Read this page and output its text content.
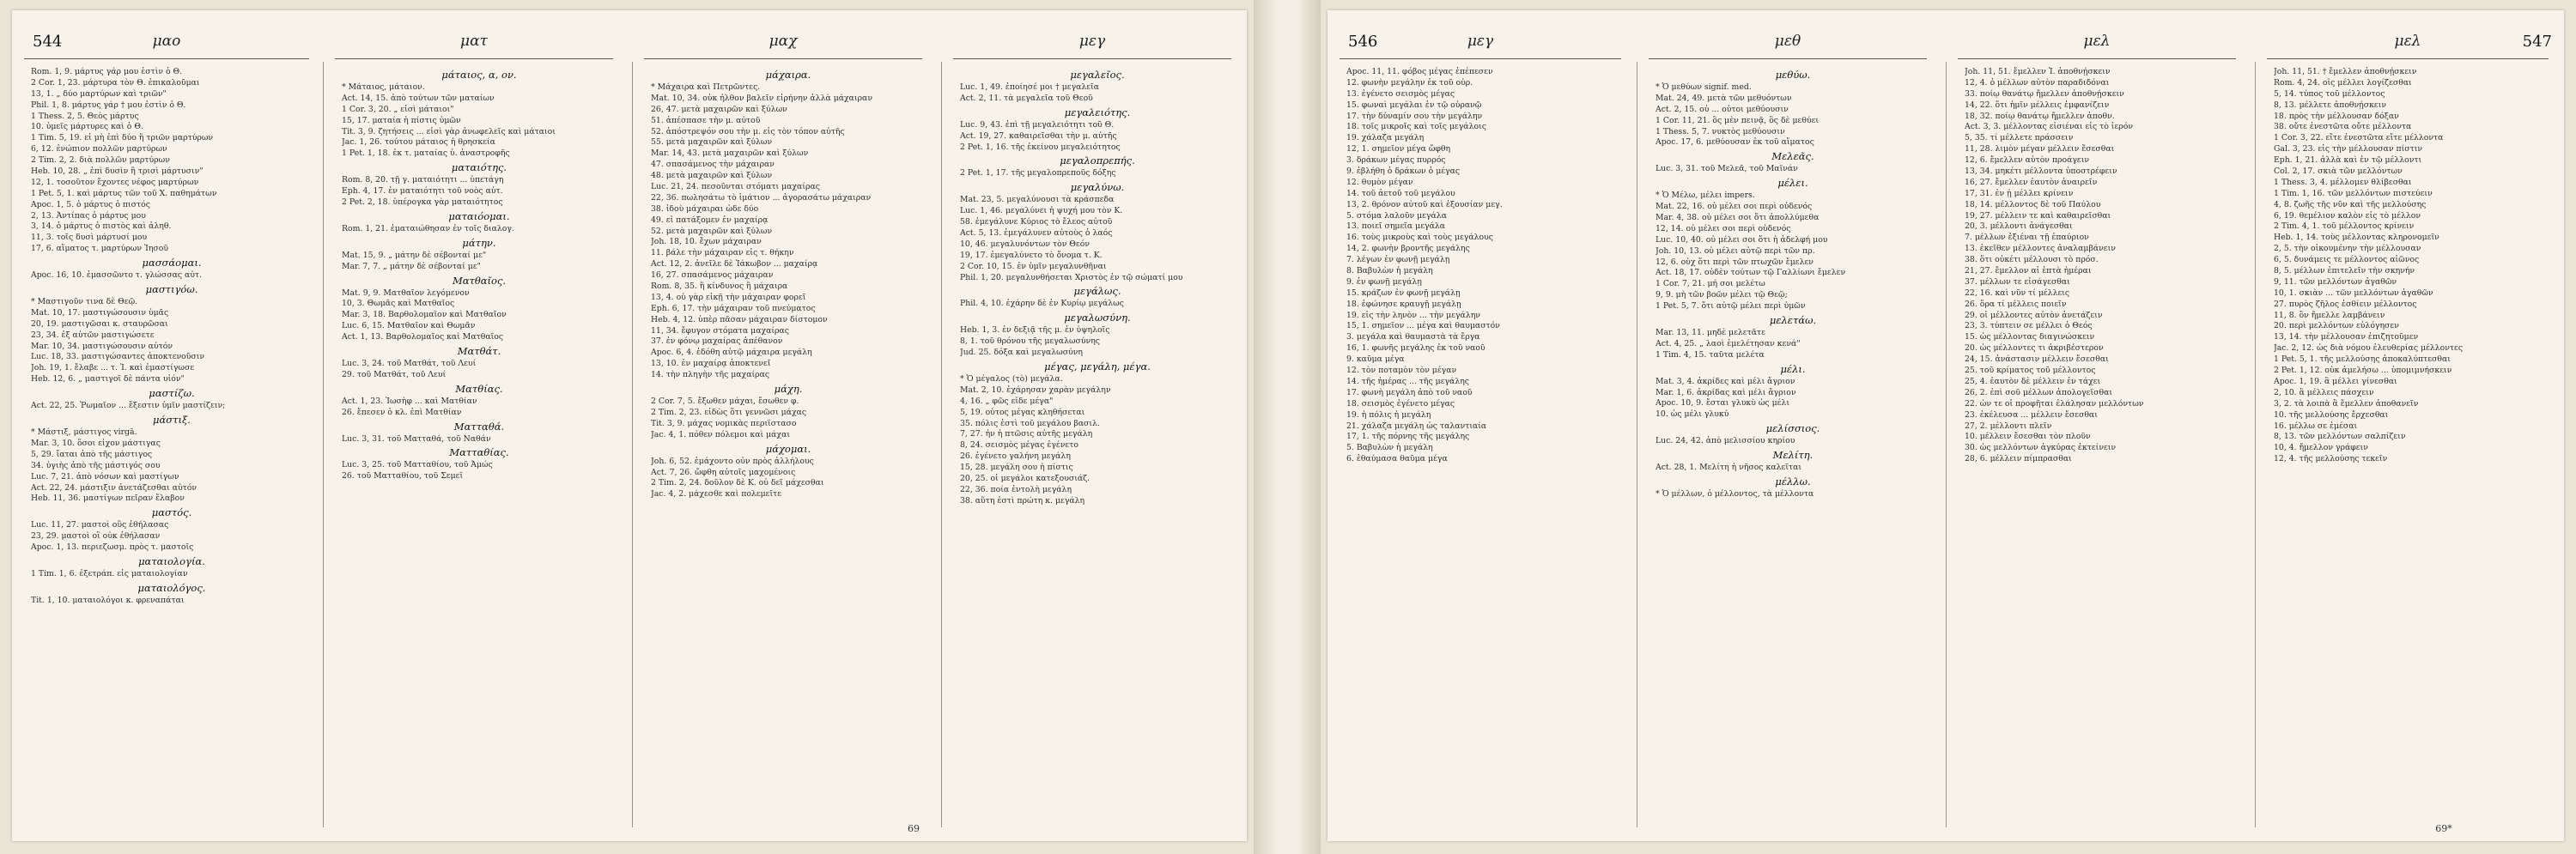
544	μαο
Rom. 1, 9. μάρτυς γάρ μου ἐστὶν ὁ Θ.
2 Cor. 1, 23. μάρτυρα τὸν Θ. ἐπικαλοῦμαι
13, 1. „ δύο μαρτύρων καὶ τριῶν"
Phil. 1, 8. μάρτυς γάρ † μου ἐστὶν ὁ Θ.
1 Thess. 2, 5. Θεὸς μάρτυς
10. ὑμεῖς μάρτυρες καὶ ὁ Θ.
1 Tim. 5, 19. εἰ μὴ ἐπὶ δύο ἢ τριῶν μαρτύρων
6, 12. ἐνώπιον πολλῶν μαρτύρων
2 Tim. 2, 2. διὰ πολλῶν μαρτύρων
Heb. 10, 28. „ ἐπὶ δυσὶν ἢ τρισὶ μάρτυσιν"
12, 1. τοσοῦτον ἔχοντες νέφος μαρτύρων
1 Pet. 5, 1. καὶ μάρτυς τῶν τοῦ Χ. παθημάτων
Apoc. 1, 5. ὁ μάρτυς ὁ πιστός
2, 13. Ἀντίπας ὁ μάρτυς μου
3, 14. ὁ μάρτυς ὁ πιστὸς καὶ ἀληθ.
11, 3. τοῖς δυσὶ μάρτυσί μου
17, 6. αἵματος τ. μαρτύρων Ἰησοῦ
μασσάομαι.
Apoc. 16, 10. ἐμασσῶντο τ. γλώσσας αὐτ.
μαστιγόω.
* Μαστιγοῦν τινα δὲ Θεῷ.
Mat. 10, 17. μαστιγώσουσιν ὑμᾶς
20, 19. μαστιγῶσαι κ. σταυρῶσαι
23, 34. ἐξ αὐτῶν μαστιγώσετε
Mar. 10, 34. μαστιγώσουσιν αὐτόν
Luc. 18, 33. μαστιγώσαντες ἀποκτενοῦσιν
Joh. 19, 1. ἔλαβε ... τ. Ἰ. καὶ ἐμαστίγωσε
Heb. 12, 6. „ μαστιγοῖ δὲ πάντα υἱόν"
μαστίζω.
Act. 22, 25. Ῥωμαῖον ... ἔξεστιν ὑμῖν μαστίζειν;
μάστιξ.
* Μάστιξ, μάστιγος virgā.
Mar. 3, 10. ὅσοι εἶχον μάστιγας
5, 29. ἴαται ἀπὸ τῆς μάστιγος
34. ὑγιὴς ἀπὸ τῆς μάστιγός σου
Luc. 7, 21. ἀπὸ νόσων καὶ μαστίγων
Act. 22, 24. μάστιξιν ἀνετάζεσθαι αὐτόν
Heb. 11, 36. μαστίγων πεῖραν ἔλαβον
μαστός.
Luc. 11, 27. μαστοὶ οὓς ἐθήλασας
23, 29. μαστοὶ οἳ οὐκ ἐθήλασαν
Apoc. 1, 13. περιεζωσμ. πρὸς τ. μαστοῖς
ματαιολογία.
1 Tim. 1, 6. ἐξετράπ. εἰς ματαιολογίαν
ματαιολόγος.
Tit. 1, 10. ματαιολόγοι κ. φρεναπάται
ματ
μάταιος, α, ον.
* Μάταιος, μάταιον.
Act. 14, 15. ἀπὸ τούτων τῶν ματαίων
1 Cor. 3, 20. „ εἰσὶ μάταιοι"
15, 17. ματαία ἡ πίστις ὑμῶν
Tit. 3, 9. ζητήσεις ... εἰσὶ γὰρ ἀνωφελεῖς καὶ μάταιοι
Jac. 1, 26. τούτου μάταιος ἡ θρησκεία
1 Pet. 1, 18. ἐκ τ. ματαίας ὑ. ἀναστροφῆς
ματαιότης.
Rom. 8, 20. τῇ γ. ματαιότητι ... ὑπετάγη
Eph. 4, 17. ἐν ματαιότητι τοῦ νοὸς αὐτ.
2 Pet. 2, 18. ὑπέρογκα γὰρ ματαιότητος
ματαιόομαι.
Rom. 1, 21. ἐματαιώθησαν ἐν τοῖς διαλογ.
μάτην.
Mat. 15, 9. „ μάτην δὲ σέβονταί με"
Mar. 7, 7. „ μάτην δὲ σέβονταί με"
Ματθαῖος.
Mat. 9, 9. Ματθαῖον λεγόμενον
10, 3. Θωμᾶς καὶ Ματθαῖος
Mar. 3, 18. Βαρθολομαῖον καὶ Ματθαῖον
Luc. 6, 15. Ματθαῖον καὶ Θωμᾶν
Act. 1, 13. Βαρθολομαῖος καὶ Ματθαῖος
Ματθάτ.
Luc. 3, 24. τοῦ Ματθάτ, τοῦ Λευί
29. τοῦ Ματθάτ, τοῦ Λευί
Ματθίας.
Act. 1, 23. Ἰωσὴφ ... καὶ Ματθίαν
26. ἔπεσεν ὁ κλ. ἐπὶ Ματθίαν
Ματταθά.
Luc. 3, 31. τοῦ Ματταθά, τοῦ Ναθάν
Ματταθίας.
Luc. 3, 25. τοῦ Ματταθίου, τοῦ Ἀμώς
26. τοῦ Ματταθίου, τοῦ Σεμεΐ
μαχ
μάχαιρα.
* Μάχαιρα καὶ Πετρῶντες.
Mat. 10, 34. οὐκ ἦλθον βαλεῖν εἰρήνην ἀλλὰ μάχαιραν
26, 47. μετὰ μαχαιρῶν καὶ ξύλων
51. ἀπέσπασε τὴν μ. αὐτοῦ
52. ἀπόστρεψόν σου τὴν μ. εἰς τὸν τόπον αὐτῆς
55. μετὰ μαχαιρῶν καὶ ξύλων
Mar. 14, 43. μετὰ μαχαιρῶν καὶ ξύλων
47. σπασάμενος τὴν μάχαιραν
48. μετὰ μαχαιρῶν καὶ ξύλων
Luc. 21, 24. πεσοῦνται στόματι μαχαίρας
22, 36. πωλησάτω τὸ ἱμάτιον ... ἀγορασάτω μάχαιραν
38. ἰδοὺ μάχαιραι ὧδε δύο
49. εἰ πατάξομεν ἐν μαχαίρᾳ
52. μετὰ μαχαιρῶν καὶ ξύλων
Joh. 18, 10. ἔχων μάχαιραν
11. βάλε τὴν μάχαιραν εἰς τ. θήκην
Act. 12, 2. ἀνεῖλε δὲ Ἰάκωβον ... μαχαίρᾳ
16, 27. σπασάμενος μάχαιραν
Rom. 8, 35. ἢ κίνδυνος ἢ μάχαιρα
13, 4. οὐ γὰρ εἰκῇ τὴν μάχαιραν φορεῖ
Eph. 6, 17. τὴν μάχαιραν τοῦ πνεύματος
Heb. 4, 12. ὑπὲρ πᾶσαν μάχαιραν δίστομον
11, 34. ἔφυγον στόματα μαχαίρας
37. ἐν φόνῳ μαχαίρας ἀπέθανον
Apoc. 6, 4. ἐδόθη αὐτῷ μάχαιρα μεγάλη
13, 10. ἐν μαχαίρᾳ ἀποκτενεῖ
14. τὴν πληγὴν τῆς μαχαίρας
μάχη.
2 Cor. 7, 5. ἔξωθεν μάχαι, ἔσωθεν φ.
2 Tim. 2, 23. εἰδὼς ὅτι γεννῶσι μάχας
Tit. 3, 9. μάχας νομικὰς περιΐστασο
Jac. 4, 1. πόθεν πόλεμοι καὶ μάχαι
μάχομαι.
Joh. 6, 52. ἐμάχοντο οὖν πρὸς ἀλλήλους
Act. 7, 26. ὤφθη αὐτοῖς μαχομένοις
2 Tim. 2, 24. δοῦλον δὲ Κ. οὐ δεῖ μάχεσθαι
Jac. 4, 2. μάχεσθε καὶ πολεμεῖτε
μεγ
μεγαλεῖος.
Luc. 1, 49. ἐποίησέ μοι † μεγαλεῖα
Act. 2, 11. τὰ μεγαλεῖα τοῦ Θεοῦ
μεγαλειότης.
Luc. 9, 43. ἐπὶ τῇ μεγαλειότητι τοῦ Θ.
Act. 19, 27. καθαιρεῖσθαι τὴν μ. αὐτῆς
2 Pet. 1, 16. τῆς ἐκείνου μεγαλειότητος
μεγαλοπρεπής.
2 Pet. 1, 17. τῆς μεγαλοπρεποῦς δόξης
μεγαλύνω.
Mat. 23, 5. μεγαλύνουσι τὰ κράσπεδα
Luc. 1, 46. μεγαλύνει ἡ ψυχή μου τὸν Κ.
58. ἐμεγάλυνε Κύριος τὸ ἔλεος αὐτοῦ
Act. 5, 13. ἐμεγάλυνεν αὐτοὺς ὁ λαός
10, 46. μεγαλυνόντων τὸν Θεόν
19, 17. ἐμεγαλύνετο τὸ ὄνομα τ. Κ.
2 Cor. 10, 15. ἐν ὑμῖν μεγαλυνθῆναι
Phil. 1, 20. μεγαλυνθήσεται Χριστὸς ἐν τῷ σώματί μου
μεγάλως.
Phil. 4, 10. ἐχάρην δὲ ἐν Κυρίῳ μεγάλως
μεγαλωσύνη.
Heb. 1, 3. ἐν δεξιᾷ τῆς μ. ἐν ὑψηλοῖς
8, 1. τοῦ θρόνου τῆς μεγαλωσύνης
Jud. 25. δόξα καὶ μεγαλωσύνη
μέγας, μεγάλη, μέγα.
* Ὁ μέγαλος (τὸ) μεγάλα.
Mat. 2, 10. ἐχάρησαν χαρὰν μεγάλην
4, 16. „ φῶς εἶδε μέγα"
5, 19. οὗτος μέγας κληθήσεται
35. πόλις ἐστὶ τοῦ μεγάλου βασιλ.
7, 27. ἦν ἡ πτῶσις αὐτῆς μεγάλη
8, 24. σεισμὸς μέγας ἐγένετο
26. ἐγένετο γαλήνη μεγάλη
15, 28. μεγάλη σου ἡ πίστις
20, 25. οἱ μεγάλοι κατεξουσιάζ.
22, 36. ποία ἐντολὴ μεγάλη
38. αὕτη ἐστὶ πρώτη κ. μεγάλη
69
546	μεγ
Apoc. 11, 11. φόβος μέγας ἐπέπεσεν
12. φωνὴν μεγάλην ἐκ τοῦ οὐρ.
13. ἐγένετο σεισμὸς μέγας
15. φωναὶ μεγάλαι ἐν τῷ οὐρανῷ
17. τὴν δύναμίν σου τὴν μεγάλην
18. τοῖς μικροῖς καὶ τοῖς μεγάλοις
19. χάλαζα μεγάλη
12, 1. σημεῖον μέγα ὤφθη
3. δράκων μέγας πυρρός
9. ἐβλήθη ὁ δράκων ὁ μέγας
12. θυμὸν μέγαν
14. τοῦ ἀετοῦ τοῦ μεγάλου
13, 2. θρόνον αὐτοῦ καὶ ἐξουσίαν μεγ.
5. στόμα λαλοῦν μεγάλα
13. ποιεῖ σημεῖα μεγάλα
16. τοὺς μικροὺς καὶ τοὺς μεγάλους
14, 2. φωνὴν βροντῆς μεγάλης
7. λέγων ἐν φωνῇ μεγάλῃ
8. Βαβυλὼν ἡ μεγάλη
9. ἐν φωνῇ μεγάλῃ
15. κράζων ἐν φωνῇ μεγάλῃ
18. ἐφώνησε κραυγῇ μεγάλῃ
19. εἰς τὴν ληνὸν ... τὴν μεγάλην
15, 1. σημεῖον ... μέγα καὶ θαυμαστόν
3. μεγάλα καὶ θαυμαστὰ τὰ ἔργα
16, 1. φωνῆς μεγάλης ἐκ τοῦ ναοῦ
9. καῦμα μέγα
12. τὸν ποταμὸν τὸν μέγαν
14. τῆς ἡμέρας ... τῆς μεγάλης
17. φωνὴ μεγάλη ἀπὸ τοῦ ναοῦ
18. σεισμὸς ἐγένετο μέγας
19. ἡ πόλις ἡ μεγάλη
21. χάλαζα μεγάλη ὡς ταλαντιαία
17, 1. τῆς πόρνης τῆς μεγάλης
5. Βαβυλὼν ἡ μεγάλη
6. ἐθαύμασα θαῦμα μέγα
μεθ
μεθύω.
* Ὁ μεθύων signif. med.
Mat. 24, 49. μετὰ τῶν μεθυόντων
Act. 2, 15. οὐ ... οὗτοι μεθύουσιν
1 Cor. 11, 21. ὃς μὲν πεινᾷ, ὃς δὲ μεθύει
1 Thess. 5, 7. νυκτὸς μεθύουσιν
Apoc. 17, 6. μεθύουσαν ἐκ τοῦ αἵματος
Μελεᾶς.
Luc. 3, 31. τοῦ Μελεᾶ, τοῦ Μαϊνάν
μέλει.
* Ὁ Μέλω, μέλει impers.
Mat. 22, 16. οὐ μέλει σοι περὶ οὐδενός
Mar. 4, 38. οὐ μέλει σοι ὅτι ἀπολλύμεθα
12, 14. οὐ μέλει σοι περὶ οὐδενός
Luc. 10, 40. οὐ μέλει σοι ὅτι ἡ ἀδελφή μου
Joh. 10, 13. οὐ μέλει αὐτῷ περὶ τῶν πρ.
12, 6. οὐχ ὅτι περὶ τῶν πτωχῶν ἔμελεν
Act. 18, 17. οὐδὲν τούτων τῷ Γαλλίωνι ἔμελεν
1 Cor. 7, 21. μή σοι μελέτω
9, 9. μὴ τῶν βοῶν μέλει τῷ Θεῷ;
1 Pet. 5, 7. ὅτι αὐτῷ μέλει περὶ ὑμῶν
μελετάω.
Mar. 13, 11. μηδὲ μελετᾶτε
Act. 4, 25. „ λαοὶ ἐμελέτησαν κενά"
1 Tim. 4, 15. ταῦτα μελέτα
μέλι.
Mat. 3, 4. ἀκρίδες καὶ μέλι ἄγριον
Mar. 1, 6. ἀκρίδας καὶ μέλι ἄγριον
Apoc. 10, 9. ἔσται γλυκὺ ὡς μέλι
10. ὡς μέλι γλυκύ
μελίσσιος.
Luc. 24, 42. ἀπὸ μελισσίου κηρίου
Μελίτη.
Act. 28, 1. Μελίτη ἡ νῆσος καλεῖται
μέλλω.
* Ὁ μέλλων, ὁ μέλλοντος, τὰ μέλλοντα
μελ
Joh. 11, 51. ἔμελλεν Ἰ. ἀποθνῄσκειν
12, 4. ὁ μέλλων αὐτὸν παραδιδόναι
33. ποίῳ θανάτῳ ἤμελλεν ἀποθνῄσκειν
14, 22. ὅτι ἡμῖν μέλλεις ἐμφανίζειν
18, 32. ποίῳ θανάτῳ ἤμελλεν ἀποθν.
Act. 3, 3. μέλλοντας εἰσιέναι εἰς τὸ ἱερόν
5, 35. τί μέλλετε πράσσειν
11, 28. λιμὸν μέγαν μέλλειν ἔσεσθαι
12, 6. ἔμελλεν αὐτὸν προάγειν
13, 34. μηκέτι μέλλοντα ὑποστρέφειν
16, 27. ἔμελλεν ἑαυτὸν ἀναιρεῖν
17, 31. ἐν ᾗ μέλλει κρίνειν
18, 14. μέλλοντος δὲ τοῦ Παύλου
19, 27. μέλλειν τε καὶ καθαιρεῖσθαι
20, 3. μέλλοντι ἀνάγεσθαι
7. μέλλων ἐξιέναι τῇ ἐπαύριον
13. ἐκεῖθεν μέλλοντες ἀναλαμβάνειν
38. ὅτι οὐκέτι μέλλουσι τὸ πρόσ.
21, 27. ἔμελλον αἱ ἑπτὰ ἡμέραι
37. μέλλων τε εἰσάγεσθαι
22, 16. καὶ νῦν τί μέλλεις
26. ὅρα τί μέλλεις ποιεῖν
29. οἱ μέλλοντες αὐτὸν ἀνετάζειν
23, 3. τύπτειν σε μέλλει ὁ Θεός
15. ὡς μέλλοντας διαγινώσκειν
20. ὡς μέλλοντες τι ἀκριβέστερον
24, 15. ἀνάστασιν μέλλειν ἔσεσθαι
25. τοῦ κρίματος τοῦ μέλλοντος
25, 4. ἑαυτὸν δὲ μέλλειν ἐν τάχει
26, 2. ἐπὶ σοῦ μέλλων ἀπολογεῖσθαι
22. ὧν τε οἱ προφῆται ἐλάλησαν μελλόντων
23. ἐκέλευσα ... μέλλειν ἔσεσθαι
27, 2. μέλλοντι πλεῖν
10. μέλλειν ἔσεσθαι τὸν πλοῦν
30. ὡς μελλόντων ἀγκύρας ἐκτείνειν
28, 6. μέλλειν πίμπρασθαι
547
μελ
Joh. 11, 51. † ἔμελλεν ἀποθνῄσκειν
Rom. 4, 24. οἷς μέλλει λογίζεσθαι
5, 14. τύπος τοῦ μέλλοντος
8, 13. μέλλετε ἀποθνῄσκειν
18. πρὸς τὴν μέλλουσαν δόξαν
38. οὔτε ἐνεστῶτα οὔτε μέλλοντα
1 Cor. 3, 22. εἴτε ἐνεστῶτα εἴτε μέλλοντα
Gal. 3, 23. εἰς τὴν μέλλουσαν πίστιν
Eph. 1, 21. ἀλλὰ καὶ ἐν τῷ μέλλοντι
Col. 2, 17. σκιὰ τῶν μελλόντων
1 Thess. 3, 4. μέλλομεν θλίβεσθαι
1 Tim. 1, 16. τῶν μελλόντων πιστεύειν
4, 8. ζωῆς τῆς νῦν καὶ τῆς μελλούσης
6, 19. θεμέλιον καλὸν εἰς τὸ μέλλον
2 Tim. 4, 1. τοῦ μέλλοντος κρίνειν
Heb. 1, 14. τοὺς μέλλοντας κληρονομεῖν
2, 5. τὴν οἰκουμένην τὴν μέλλουσαν
6, 5. δυνάμεις τε μέλλοντος αἰῶνος
8, 5. μέλλων ἐπιτελεῖν τὴν σκηνήν
9, 11. τῶν μελλόντων ἀγαθῶν
10, 1. σκιὰν ... τῶν μελλόντων ἀγαθῶν
27. πυρὸς ζῆλος ἐσθίειν μέλλοντος
11, 8. ὃν ἤμελλε λαμβάνειν
20. περὶ μελλόντων εὐλόγησεν
13, 14. τὴν μέλλουσαν ἐπιζητοῦμεν
Jac. 2, 12. ὡς διὰ νόμου ἐλευθερίας μέλλοντες
1 Pet. 5, 1. τῆς μελλούσης ἀποκαλύπτεσθαι
2 Pet. 1, 12. οὐκ ἀμελήσω ... ὑπομιμνήσκειν
Apoc. 1, 19. ἃ μέλλει γίνεσθαι
2, 10. ἃ μέλλεις πάσχειν
3, 2. τὰ λοιπὰ ἃ ἔμελλεν ἀποθανεῖν
10. τῆς μελλούσης ἔρχεσθαι
16. μέλλω σε ἐμέσαι
8, 13. τῶν μελλόντων σαλπίζειν
10, 4. ἤμελλον γράφειν
12, 4. τῆς μελλούσης τεκεῖν
69*
